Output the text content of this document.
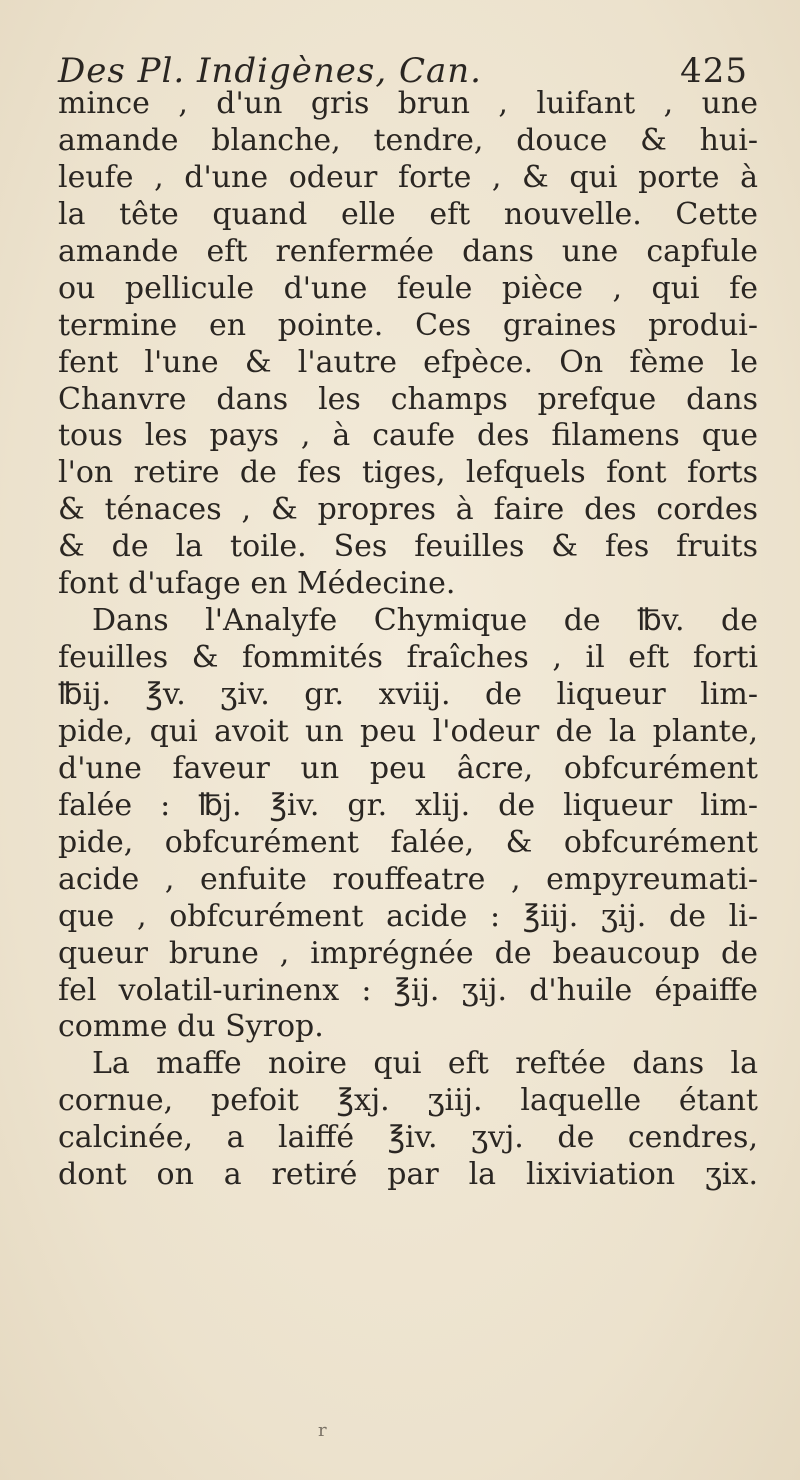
Des Pl. Indigènes, Can.	425
mince , d'un gris brun , luifant , une
amande blanche, tendre, douce & hui-
leufe , d'une odeur forte , & qui porte à
la tête quand elle eft nouvelle. Cette
amande eft renfermée dans une capfule
ou pellicule d'une feule pièce , qui fe
termine en pointe. Ces graines produi-
fent l'une & l'autre efpèce. On fème le
Chanvre dans les champs prefque dans
tous les pays , à caufe des filamens que
l'on retire de fes tiges, lefquels font forts
& ténaces , & propres à faire des cordes
& de la toile. Ses feuilles & fes fruits
font d'ufage en Médecine.
Dans l'Analyfe Chymique de ℔v. de
feuilles & fommités fraîches , il eft forti
℔ij. ℥v. ʒiv. gr. xviij. de liqueur lim-
pide, qui avoit un peu l'odeur de la plante,
d'une faveur un peu âcre, obfcurément
falée : ℔j. ℥iv. gr. xlij. de liqueur lim-
pide, obfcurément falée, & obfcurément
acide , enfuite rouffeatre , empyreumati-
que , obfcurément acide : ℥iij. ʒij. de li-
queur brune , imprégnée de beaucoup de
fel volatil-urinenx : ℥ij. ʒij. d'huile épaiffe
comme du Syrop.
La maffe noire qui eft reftée dans la
cornue, pefoit ℥xj. ʒiij. laquelle étant
calcinée, a laiffé ℥iv. ʒvj. de cendres,
dont on a retiré par la lixiviation ʒix.
r
